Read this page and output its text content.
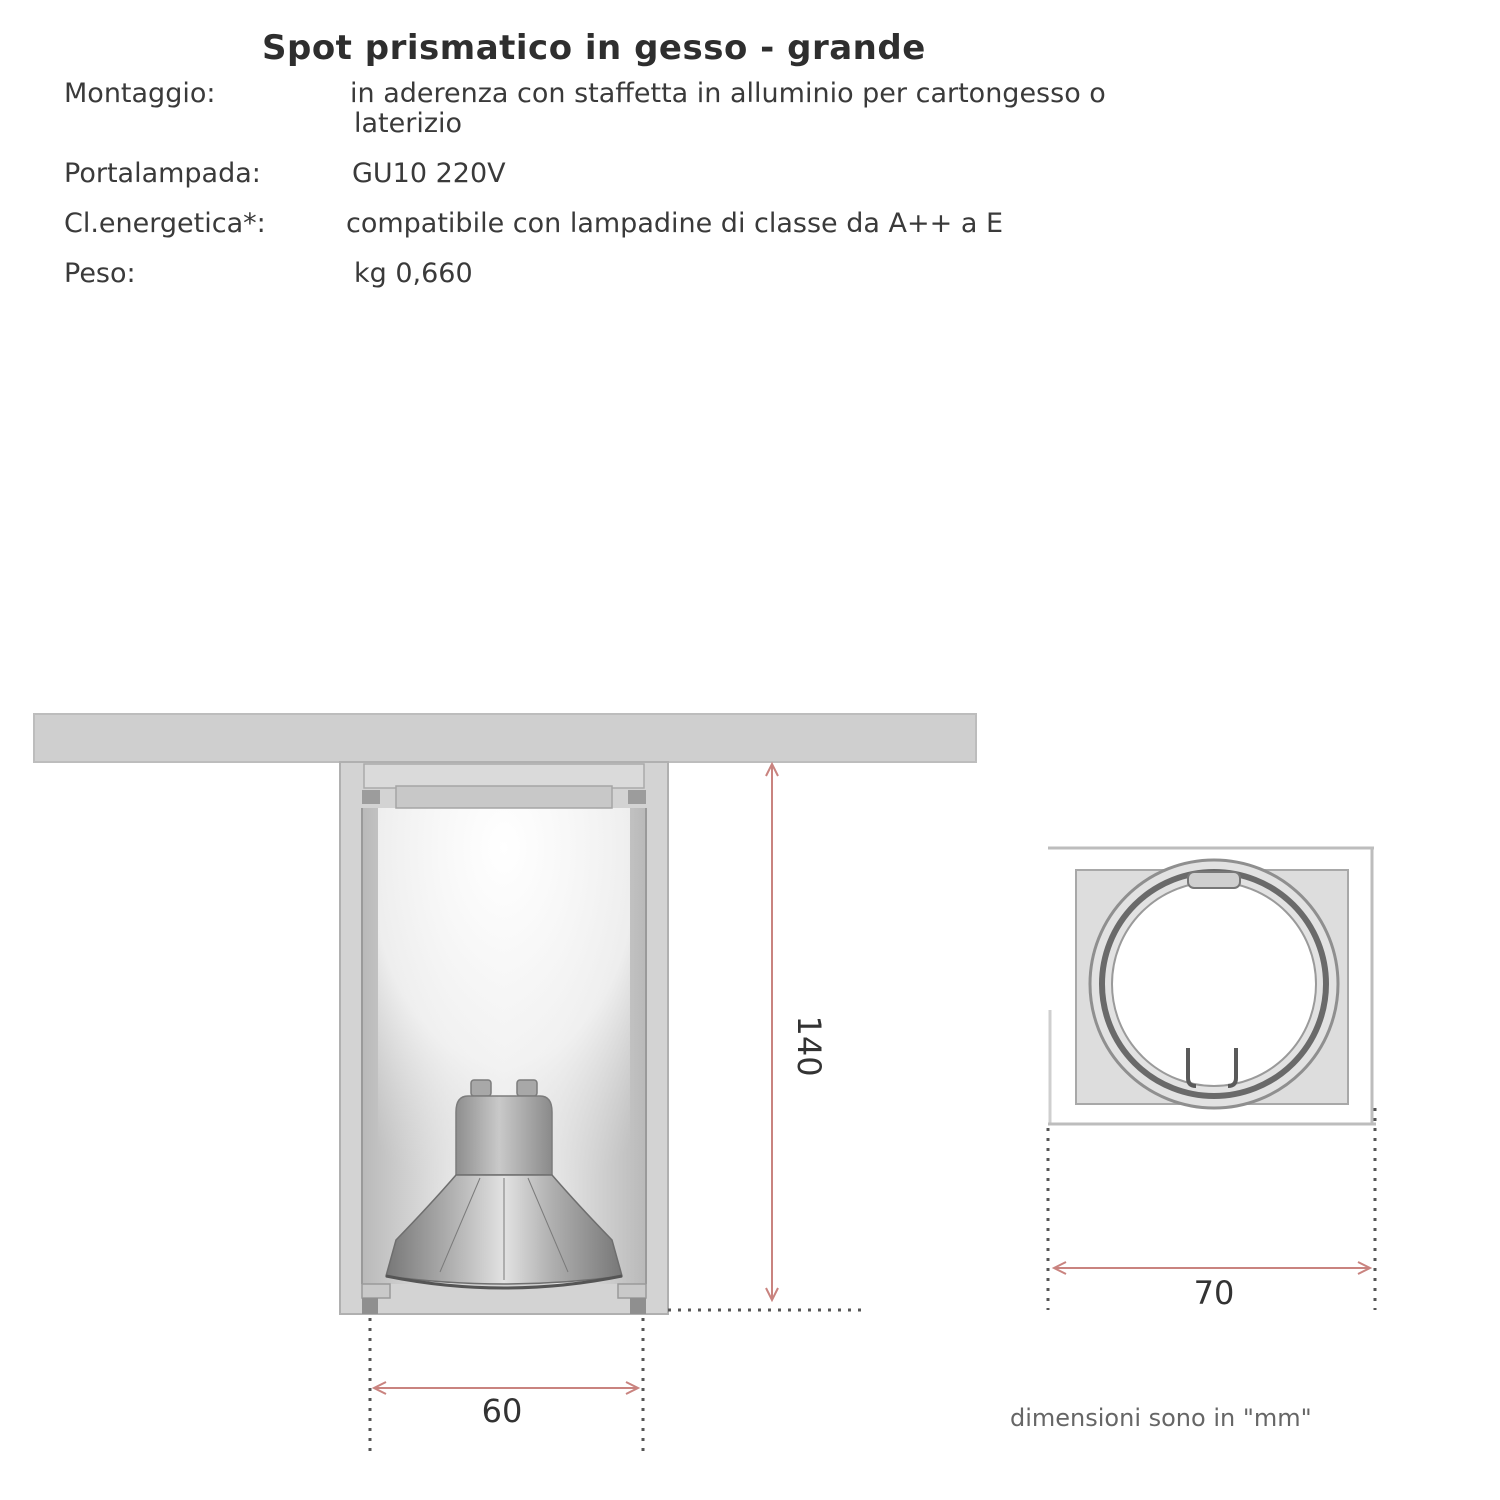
Spot prismatico in gesso - grande
Montaggio:	in aderenza con staffetta in alluminio per cartongesso o
laterizio
Portalampada:	GU10 220V
Cl.energetica*:	compatibile con lampadine di classe da A++ a E
Peso:	kg 0,660
140
60
70
dimensioni sono in "mm"
